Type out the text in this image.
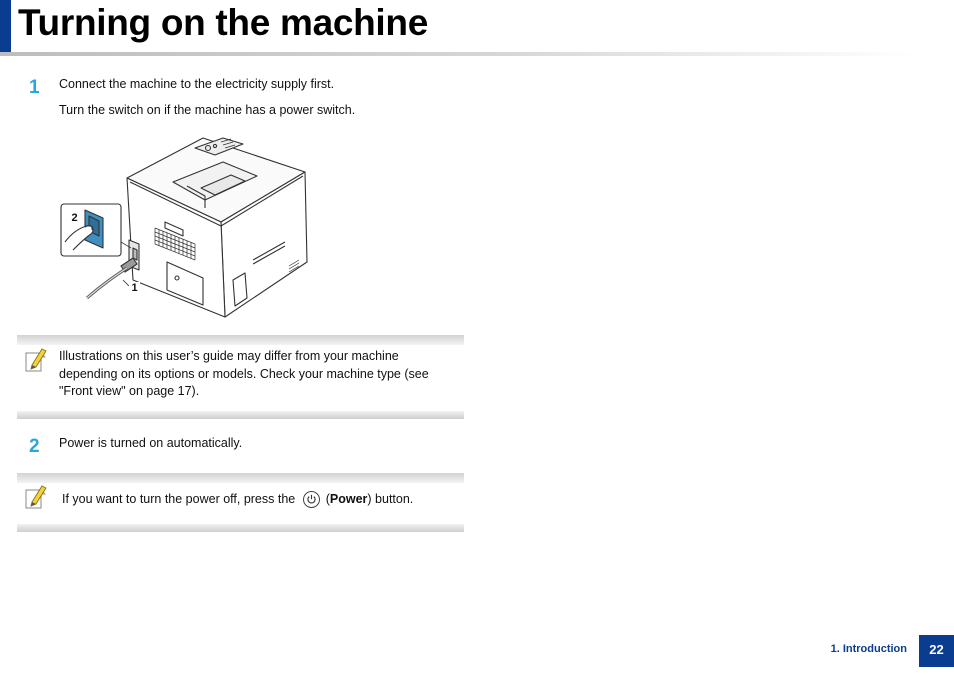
Turning on the machine
1 Connect the machine to the electricity supply first.
Turn the switch on if the machine has a power switch.
2
1
Illustrations on this user’s guide may differ from your machine depending on its options or models. Check your machine type (see "Front view" on page 17).
2 Power is turned on automatically.
If you want to turn the power off, press the (Power) button.
1. Introduction	22
